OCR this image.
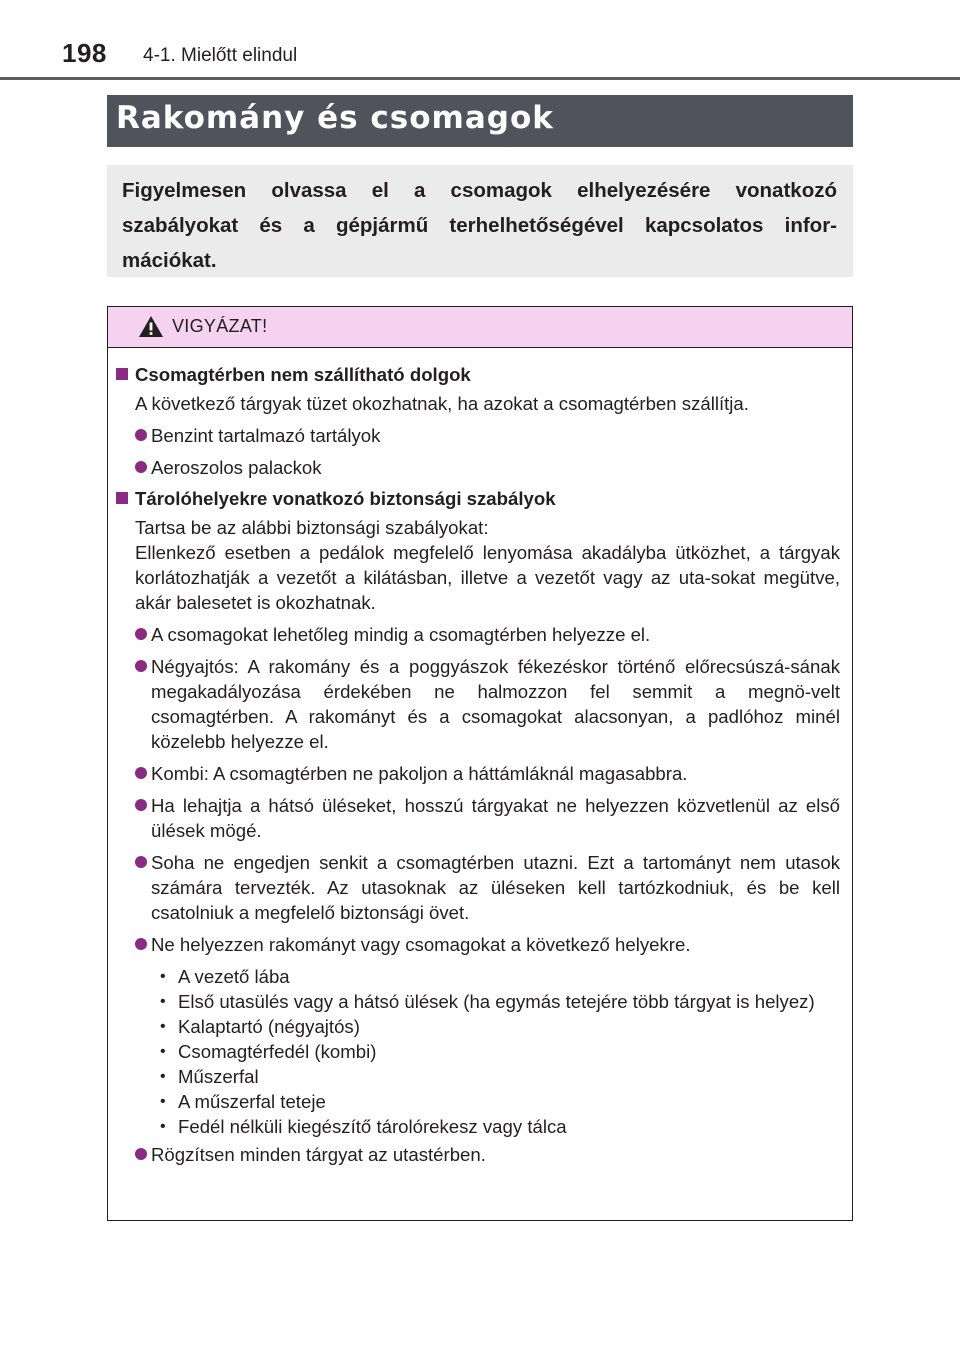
198 4-1. Mielőtt elindul
Rakomány és csomagok
Figyelmesen olvassa el a csomagok elhelyezésére vonatkozó szabályokat és a gépjármű terhelhetőségével kapcsolatos infor-mációkat.
VIGYÁZAT!
Csomagtérben nem szállítható dolgok
A következő tárgyak tüzet okozhatnak, ha azokat a csomagtérben szállítja.
Benzint tartalmazó tartályok
Aeroszolos palackok
Tárolóhelyekre vonatkozó biztonsági szabályok
Tartsa be az alábbi biztonsági szabályokat:
Ellenkező esetben a pedálok megfelelő lenyomása akadályba ütközhet, a tárgyak korlátozhatják a vezetőt a kilátásban, illetve a vezetőt vagy az uta-sokat megütve, akár balesetet is okozhatnak.
A csomagokat lehetőleg mindig a csomagtérben helyezze el.
Négyajtós: A rakomány és a poggyászok fékezéskor történő előrecsúszá-sának megakadályozása érdekében ne halmozzon fel semmit a megnö-velt csomagtérben. A rakományt és a csomagokat alacsonyan, a padlóhoz minél közelebb helyezze el.
Kombi: A csomagtérben ne pakoljon a háttámláknál magasabbra.
Ha lehajtja a hátsó üléseket, hosszú tárgyakat ne helyezzen közvetlenül az első ülések mögé.
Soha ne engedjen senkit a csomagtérben utazni. Ezt a tartományt nem utasok számára tervezték. Az utasoknak az üléseken kell tartózkodniuk, és be kell csatolniuk a megfelelő biztonsági övet.
Ne helyezzen rakományt vagy csomagokat a következő helyekre.
• A vezető lába
• Első utasülés vagy a hátsó ülések (ha egymás tetejére több tárgyat is helyez)
• Kalaptartó (négyajtós)
• Csomagtérfedél (kombi)
• Műszerfal
• A műszerfal teteje
• Fedél nélküli kiegészítő tárolórekesz vagy tálca
Rögzítsen minden tárgyat az utastérben.
